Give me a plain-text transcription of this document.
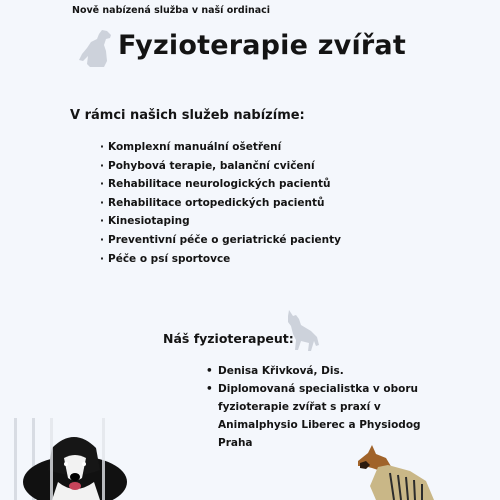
Nově nabízená služba v naší ordinaci
Fyzioterapie zvířat
V rámci našich služeb nabízíme:
· Komplexní manuální ošetření
· Pohybová terapie, balanční cvičení
· Rehabilitace neurologických pacientů
· Rehabilitace ortopedických pacientů
· Kinesiotaping
· Preventivní péče o geriatrické pacienty
· Péče o psí sportovce
Náš fyzioterapeut:
• Denisa Křivková, Dis.
• Diplomovaná specialistka v oboru fyzioterapie zvířat s praxí v Animalphysio Liberec a Physiodog Praha
